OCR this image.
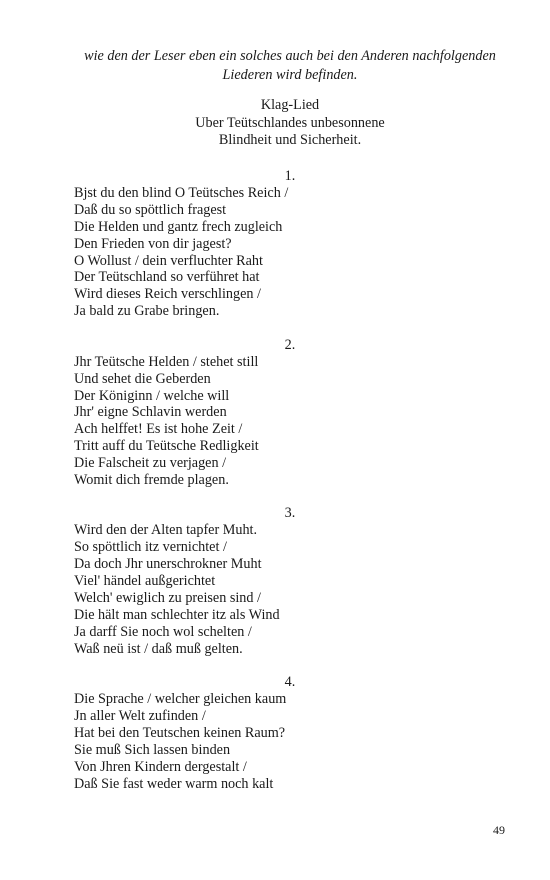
wie den der Leser eben ein solches auch bei den Anderen nachfolgenden
Liederen wird befinden.
Klag-Lied
Uber Teütschlandes unbesonnene
Blindheit und Sicherheit.
1.
Bjst du den blind O Teütsches Reich /
Daß du so spöttlich fragest
Die Helden und gantz frech zugleich
Den Frieden von dir jagest?
O Wollust / dein verfluchter Raht
Der Teütschland so verführet hat
Wird dieses Reich verschlingen /
Ja bald zu Grabe bringen.
2.
Jhr Teütsche Helden / stehet still
Und sehet die Geberden
Der Königinn / welche will
Jhr' eigne Schlavin werden
Ach helffet! Es ist hohe Zeit /
Tritt auff du Teütsche Redligkeit
Die Falscheit zu verjagen /
Womit dich fremde plagen.
3.
Wird den der Alten tapfer Muht.
So spöttlich itz vernichtet /
Da doch Jhr unerschrokner Muht
Viel' händel außgerichtet
Welch' ewiglich zu preisen sind /
Die hält man schlechter itz als Wind
Ja darff Sie noch wol schelten /
Waß neü ist / daß muß gelten.
4.
Die Sprache / welcher gleichen kaum
Jn aller Welt zufinden /
Hat bei den Teutschen keinen Raum?
Sie muß Sich lassen binden
Von Jhren Kindern dergestalt /
Daß Sie fast weder warm noch kalt
49
